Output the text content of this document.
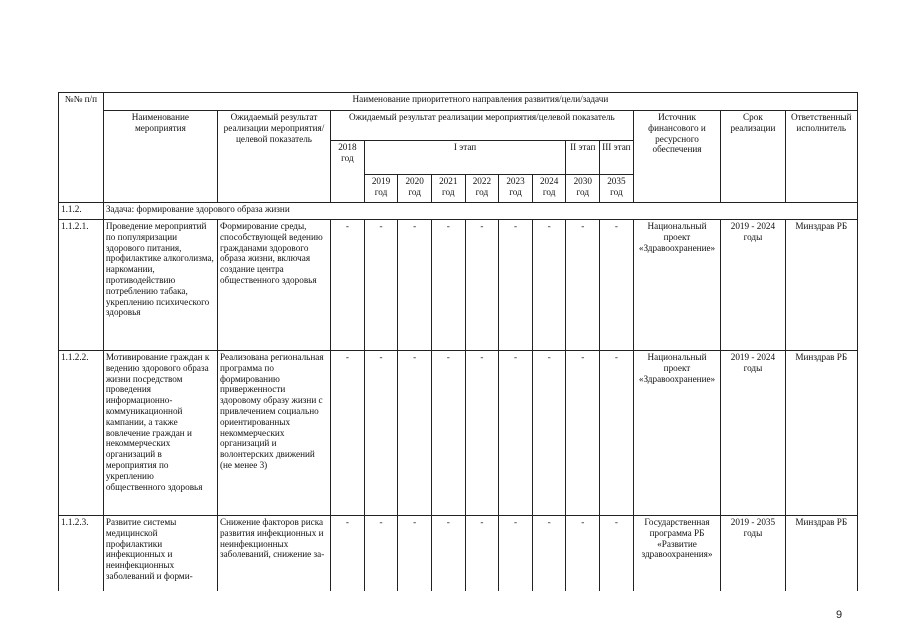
№№ п/п	Наименование приоритетного направления развития/цели/задачи													
	Наименование мероприятия	Ожидаемый результат реализации мероприятия/целевой показатель	Ожидаемый результат реализации мероприятия/целевой показатель									Источник финансового и ресурсного обеспечения	Срок реализации	Ответственный исполнитель
			2018 год	I этап						II этап	III этап			
				2019 год	2020 год	2021 год	2022 год	2023 год	2024 год	2030 год	2035 год			
1.1.2.	Задача: формирование здорового образа жизни													
1.1.2.1.	Проведение мероприятий по популяризации здорового питания, профилактике алкоголизма, наркомании, противодействию потреблению табака, укреплению психического здоровья	Формирование среды, способствующей ведению гражданами здорового образа жизни, включая создание центра общественного здоровья	-	-	-	-	-	-	-	-	-	Национальный проект «Здравоохранение»	2019 - 2024 годы	Минздрав РБ
1.1.2.2.	Мотивирование граждан к ведению здорового образа жизни посредством проведения информационно-коммуникационной кампании, а также вовлечение граждан и некоммерческих организаций в мероприятия по укреплению общественного здоровья	Реализована региональная программа по формированию приверженности здоровому образу жизни с привлечением социально ориентированных некоммерческих организаций и волонтерских движений (не менее 3)	-	-	-	-	-	-	-	-	-	Национальный проект «Здравоохранение»	2019 - 2024 годы	Минздрав РБ
1.1.2.3.	Развитие системы медицинской профилактики инфекционных и неинфекционных заболеваний и форми-	Снижение факторов риска развития инфекционных и неинфекционных заболеваний, снижение за-	-	-	-	-	-	-	-	-	-	Государственная программа РБ «Развитие здравоохранения»	2019 - 2035 годы	Минздрав РБ
9
